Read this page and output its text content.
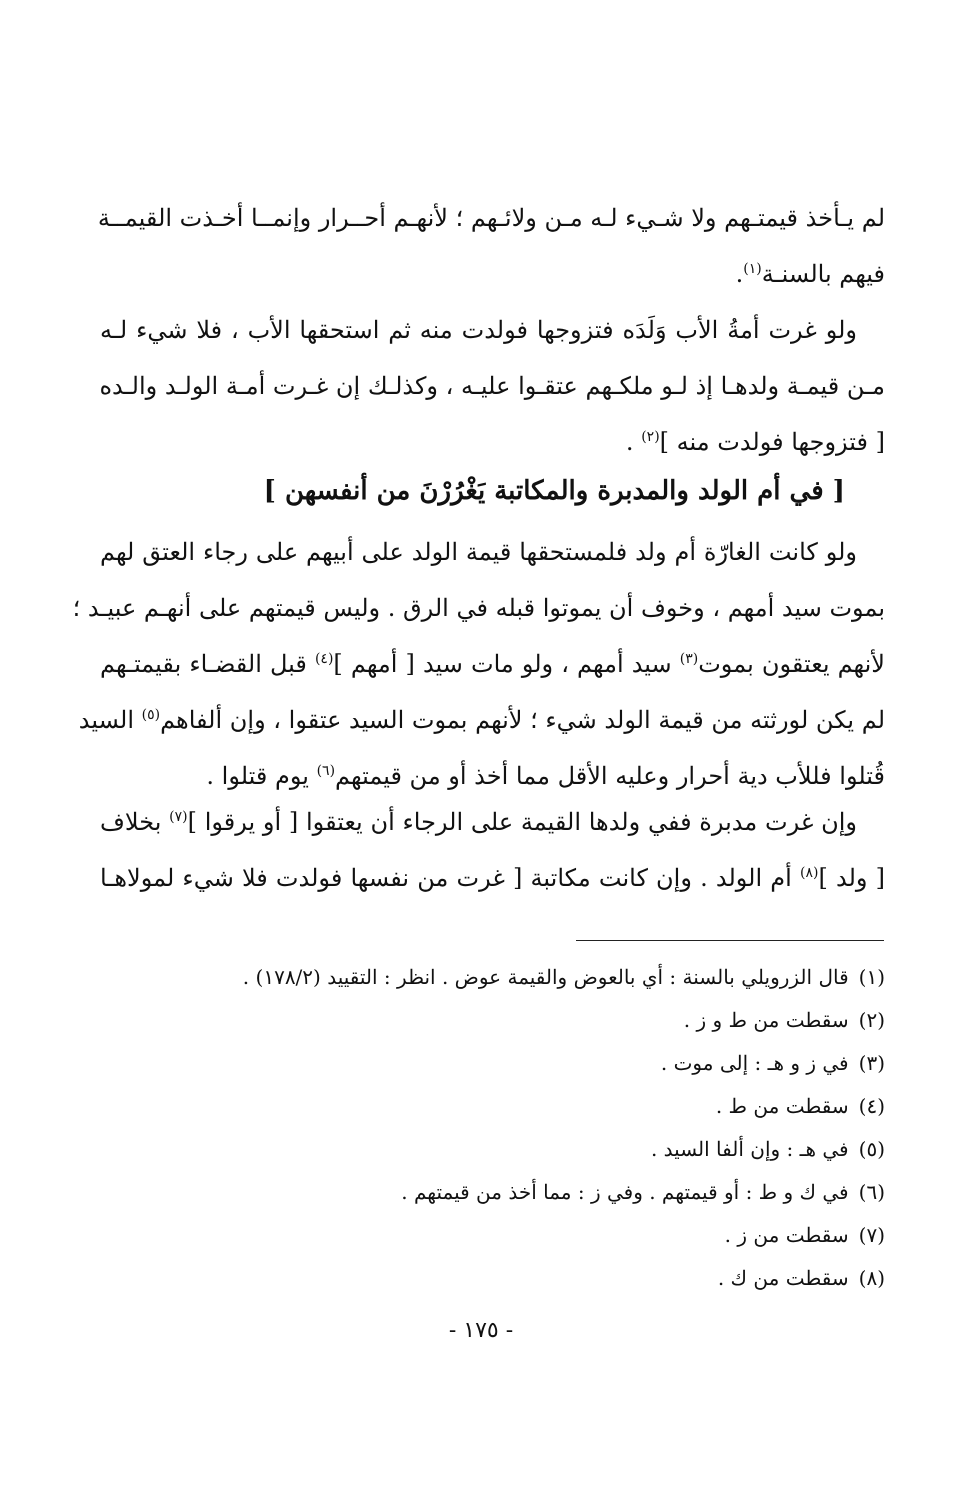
لم يـأخذ قيمتـهم ولا شـيء لـه مـن ولائـهم ؛ لأنهـم أحــرار وإنمــا أخـذت القيمــة
فيهم بالسنـة$^{(١)}$.
ولو غرت أمةُ الأب وَلَدَه فتزوجها فولدت منه ثم استحقها الأب ، فلا شيء لـه
مـن قيمـة ولدهـا إذ لـو ملكـهم عتقـوا عليـه ، وكذلـك إن غـرت أمـة الولـد والـده
[ فتزوجها فولدت منه ]$^{(٢)}$ .
[ في أم الولد والمدبرة والمكاتبة يَغْرُرْنَ من أنفسهن ]
ولو كانت الغارّة أم ولد فلمستحقها قيمة الولد على أبيهم على رجاء العتق لهم
بموت سيد أمهم ، وخوف أن يموتوا قبله في الرق . وليس قيمتهم على أنهـم عبيـد ؛
لأنهم يعتقون بموت$^{(٣)}$ سيد أمهم ، ولو مات سيد [ أمهم ]$^{(٤)}$ قبل القضـاء بقيمتـهم
لم يكن لورثته من قيمة الولد شيء ؛ لأنهم بموت السيد عتقوا ، وإن ألفاهم$^{(٥)}$ السيد
قُتلوا فللأب دية أحرار وعليه الأقل مما أخذ أو من قيمتهم$^{(٦)}$ يوم قتلوا .
وإن غرت مدبرة ففي ولدها القيمة على الرجاء أن يعتقوا [ أو يرقوا ]$^{(٧)}$ بخلاف
[ ولد ]$^{(٨)}$ أم الولد . وإن كانت مكاتبة [ غرت من نفسها فولدت فلا شيء لمولاهـا
(١)قال الزرويلي بالسنة : أي بالعوض والقيمة عوض . انظر : التقييد (١٧٨/٢) .
(٢)سقطت من ط و ز .
(٣)في ز و هـ : إلى موت .
(٤)سقطت من ط .
(٥)في هـ : وإن ألفا السيد .
(٦)في ك و ط : أو قيمتهم . وفي ز : مما أخذ من قيمتهم .
(٧)سقطت من ز .
(٨)سقطت من ك .
- ١٧٥ -
